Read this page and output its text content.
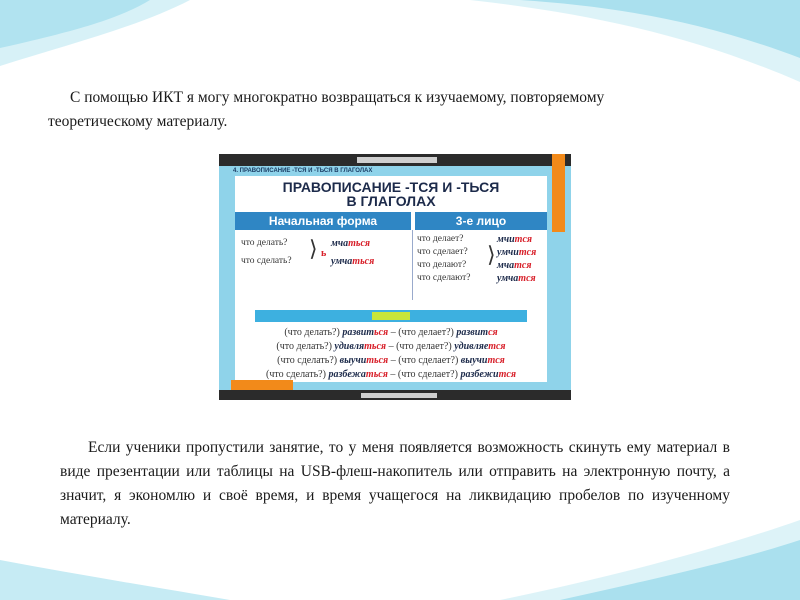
С помощью ИКТ я могу многократно возвращаться к изучаемому, повторяемому теоретическому материалу.

4. ПРАВОПИСАНИЕ -ТСЯ И -ТЬСЯ В ГЛАГОЛАХ
ПРАВОПИСАНИЕ -ТСЯ И -ТЬСЯ
В ГЛАГОЛАХ
Начальная форма	3-е лицо
что делать?
что сделать? ⟩ ь
мчаться
умчаться
что делает?
что сделает?
что делают?
что сделают?
⟩
мчится
умчится
мчатся
умчатся
(что делать?) развиться – (что делает?) развится
(что делать?) удивляться – (что делает?) удивляется
(что сделать?) выучиться – (что сделает?) выучится
(что сделать?) разбежаться – (что сделает?) разбежится

Если ученики пропустили занятие, то у меня появляется возможность скинуть ему материал в виде презентации или таблицы на USB-флеш-накопитель или отправить на электронную почту, а значит, я экономлю и своё время, и время учащегося на ликвидацию пробелов по изученному материалу.
